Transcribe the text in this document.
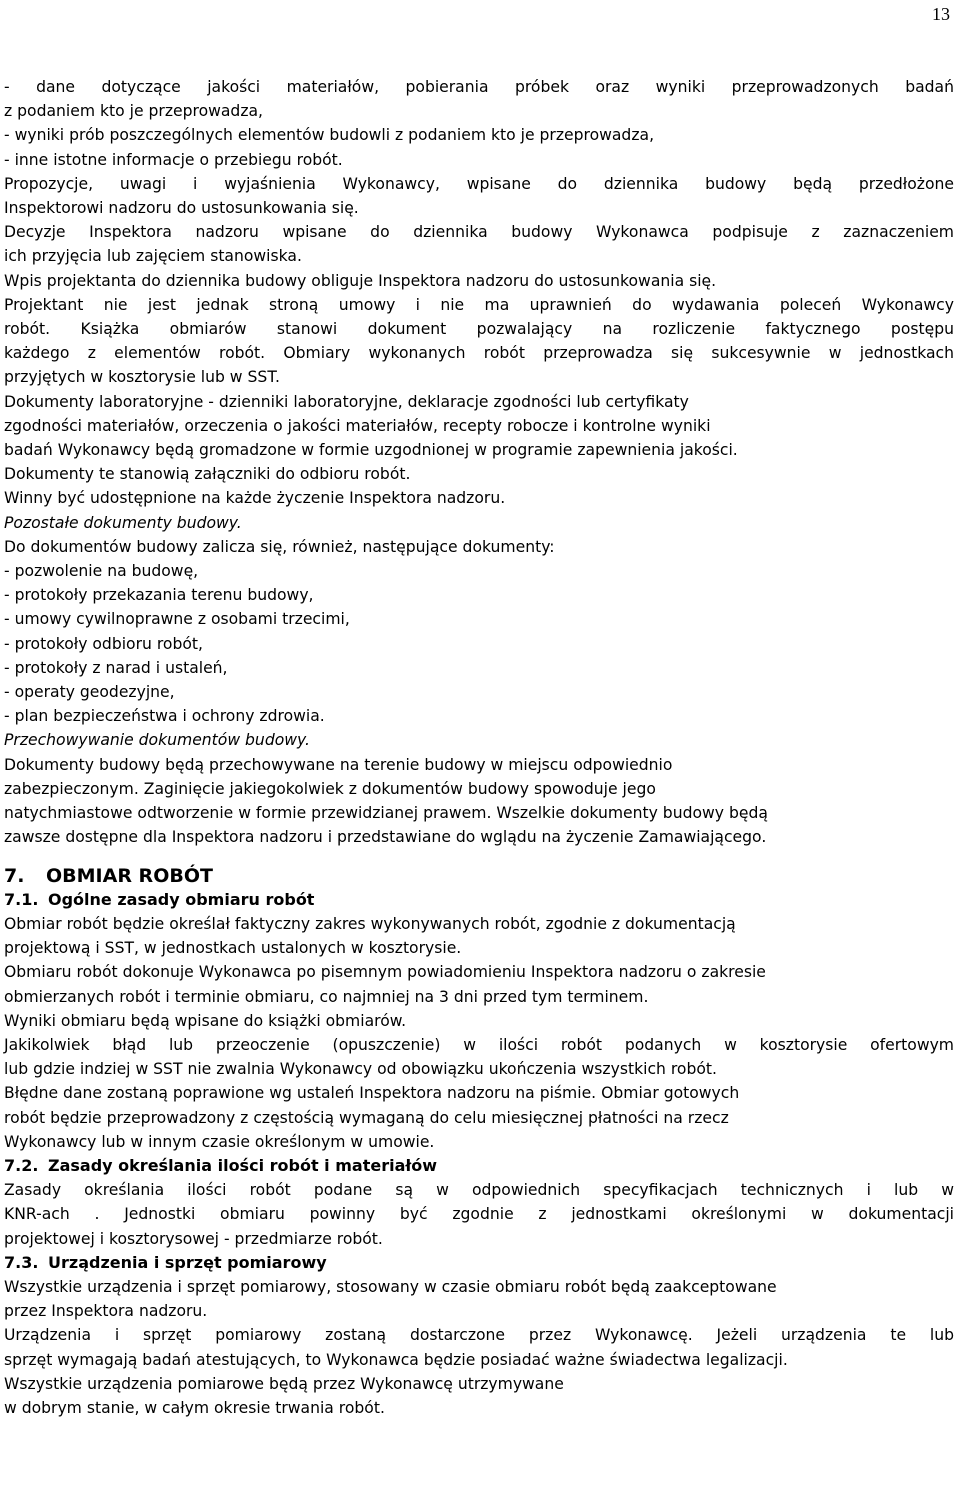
13
- dane dotyczące jakości materiałów, pobierania próbek oraz wyniki przeprowadzonych badań
z podaniem kto je przeprowadza,
- wyniki prób poszczególnych elementów budowli z podaniem kto je przeprowadza,
- inne istotne informacje o przebiegu robót.
Propozycje, uwagi i wyjaśnienia Wykonawcy, wpisane do dziennika budowy będą przedłożone
Inspektorowi nadzoru do ustosunkowania się.
Decyzje Inspektora nadzoru wpisane do dziennika budowy Wykonawca podpisuje z zaznaczeniem
ich przyjęcia lub zajęciem stanowiska.
Wpis projektanta do dziennika budowy obliguje Inspektora nadzoru do ustosunkowania się.
Projektant nie jest jednak stroną umowy i nie ma uprawnień do wydawania poleceń Wykonawcy
robót. Książka obmiarów stanowi dokument pozwalający na rozliczenie faktycznego postępu
każdego z elementów robót. Obmiary wykonanych robót przeprowadza się sukcesywnie w jednostkach
przyjętych w kosztorysie lub w SST.
Dokumenty laboratoryjne - dzienniki laboratoryjne, deklaracje zgodności lub certyfikaty
zgodności materiałów, orzeczenia o jakości materiałów, recepty robocze i kontrolne wyniki
badań Wykonawcy będą gromadzone w formie uzgodnionej w programie zapewnienia jakości.
Dokumenty te stanowią załączniki do odbioru robót.
Winny być udostępnione na każde życzenie Inspektora nadzoru.
Pozostałe dokumenty budowy.
Do dokumentów budowy zalicza się, również, następujące dokumenty:
- pozwolenie na budowę,
- protokoły przekazania terenu budowy,
- umowy cywilnoprawne z osobami trzecimi,
- protokoły odbioru robót,
- protokoły z narad i ustaleń,
- operaty geodezyjne,
- plan bezpieczeństwa i ochrony zdrowia.
Przechowywanie dokumentów budowy.
Dokumenty budowy będą przechowywane na terenie budowy w miejscu odpowiednio
zabezpieczonym. Zaginięcie jakiegokolwiek z dokumentów budowy spowoduje jego
natychmiastowe odtworzenie w formie przewidzianej prawem. Wszelkie dokumenty budowy będą
zawsze dostępne dla Inspektora nadzoru i przedstawiane do wglądu na życzenie Zamawiającego.
7. OBMIAR ROBÓT
7.1. Ogólne zasady obmiaru robót
Obmiar robót będzie określał faktyczny zakres wykonywanych robót, zgodnie z dokumentacją
projektową i SST, w jednostkach ustalonych w kosztorysie.
Obmiaru robót dokonuje Wykonawca po pisemnym powiadomieniu Inspektora nadzoru o zakresie
obmierzanych robót i terminie obmiaru, co najmniej na 3 dni przed tym terminem.
Wyniki obmiaru będą wpisane do książki obmiarów.
Jakikolwiek błąd lub przeoczenie (opuszczenie) w ilości robót podanych w kosztorysie ofertowym
lub gdzie indziej w SST nie zwalnia Wykonawcy od obowiązku ukończenia wszystkich robót.
Błędne dane zostaną poprawione wg ustaleń Inspektora nadzoru na piśmie. Obmiar gotowych
robót będzie przeprowadzony z częstością wymaganą do celu miesięcznej płatności na rzecz
Wykonawcy lub w innym czasie określonym w umowie.
7.2. Zasady określania ilości robót i materiałów
Zasady określania ilości robót podane są w odpowiednich specyfikacjach technicznych i lub w
KNR-ach . Jednostki obmiaru powinny być zgodnie z jednostkami określonymi w dokumentacji
projektowej i kosztorysowej - przedmiarze robót.
7.3. Urządzenia i sprzęt pomiarowy
Wszystkie urządzenia i sprzęt pomiarowy, stosowany w czasie obmiaru robót będą zaakceptowane
przez Inspektora nadzoru.
Urządzenia i sprzęt pomiarowy zostaną dostarczone przez Wykonawcę. Jeżeli urządzenia te lub
sprzęt wymagają badań atestujących, to Wykonawca będzie posiadać ważne świadectwa legalizacji.
Wszystkie urządzenia pomiarowe będą przez Wykonawcę utrzymywane
w dobrym stanie, w całym okresie trwania robót.
